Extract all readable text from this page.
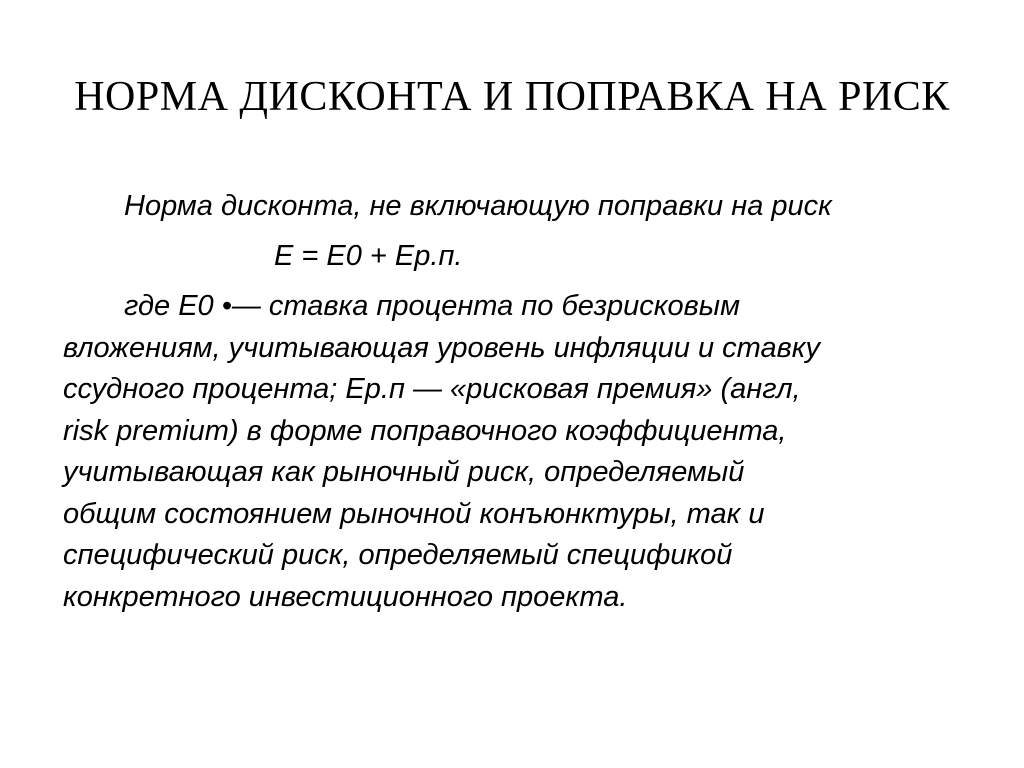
НОРМА ДИСКОНТА И ПОПРАВКА НА РИСК
Норма дисконта, не включающую поправки на риск
Е = Е0 + Ер.п.
где Е0 •— ставка процента по безрисковым
вложениям, учитывающая уровень инфляции и ставку
ссудного процента; Ер.п — «рисковая премия» (англ,
risk premium) в форме поправочного коэффициента,
учитывающая как рыночный риск, определяемый
общим состоянием рыночной конъюнктуры, так и
специфический риск, определяемый спецификой
конкретного инвестиционного проекта.
